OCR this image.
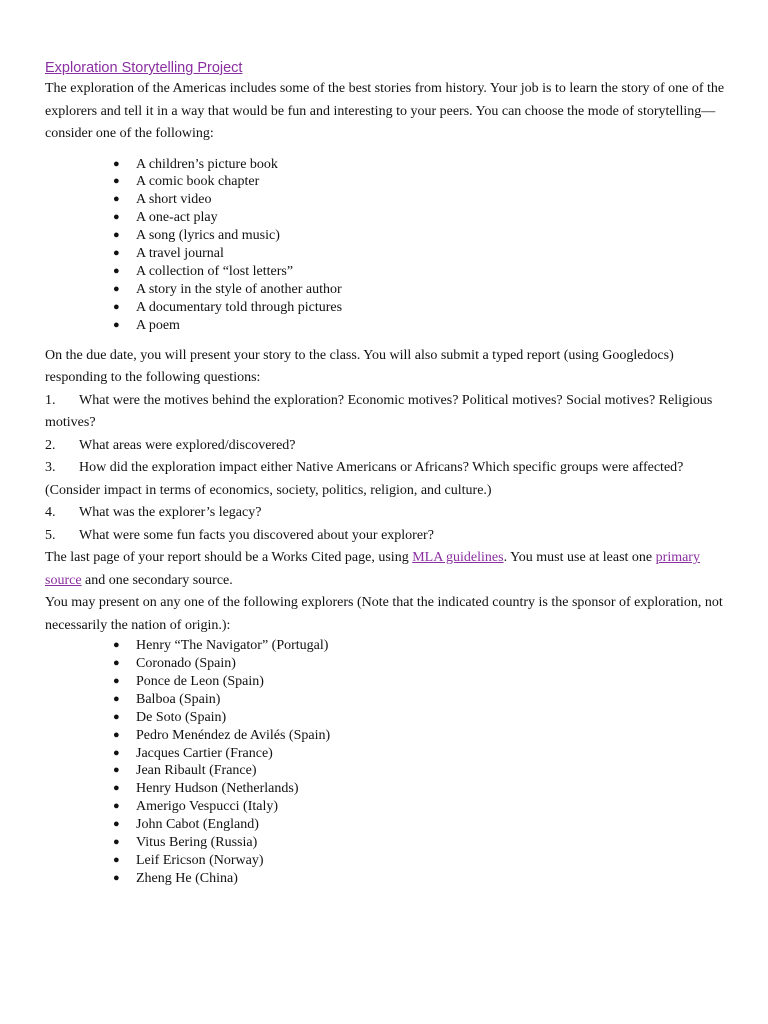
Exploration Storytelling Project

The exploration of the Americas includes some of the best stories from history. Your job is to learn the story of one of the explorers and tell it in a way that would be fun and interesting to your peers. You can choose the mode of storytelling—consider one of the following:

● A children’s picture book
● A comic book chapter
● A short video
● A one-act play
● A song (lyrics and music)
● A travel journal
● A collection of “lost letters”
● A story in the style of another author
● A documentary told through pictures
● A poem

On the due date, you will present your story to the class. You will also submit a typed report (using Googledocs) responding to the following questions:

1. What were the motives behind the exploration? Economic motives? Political motives? Social motives? Religious motives?

2.	What areas were explored/discovered?

3. How did the exploration impact either Native Americans or Africans? Which specific groups were affected? (Consider impact in terms of economics, society, politics, religion, and culture.)

4.	What was the explorer’s legacy?
5.	What were some fun facts you discovered about your explorer?

The last page of your report should be a Works Cited page, using MLA guidelines. You must use at least one primary source and one secondary source.

You may present on any one of the following explorers (Note that the indicated country is the sponsor of exploration, not necessarily the nation of origin.):

● Henry “The Navigator” (Portugal)
● Coronado (Spain)
● Ponce de Leon (Spain)
● Balboa (Spain)
● De Soto (Spain)
● Pedro Menéndez de Avilés (Spain)
● Jacques Cartier (France)
● Jean Ribault (France)
● Henry Hudson (Netherlands)
● Amerigo Vespucci (Italy)
● John Cabot (England)
● Vitus Bering (Russia)
● Leif Ericson (Norway)
● Zheng He (China)
